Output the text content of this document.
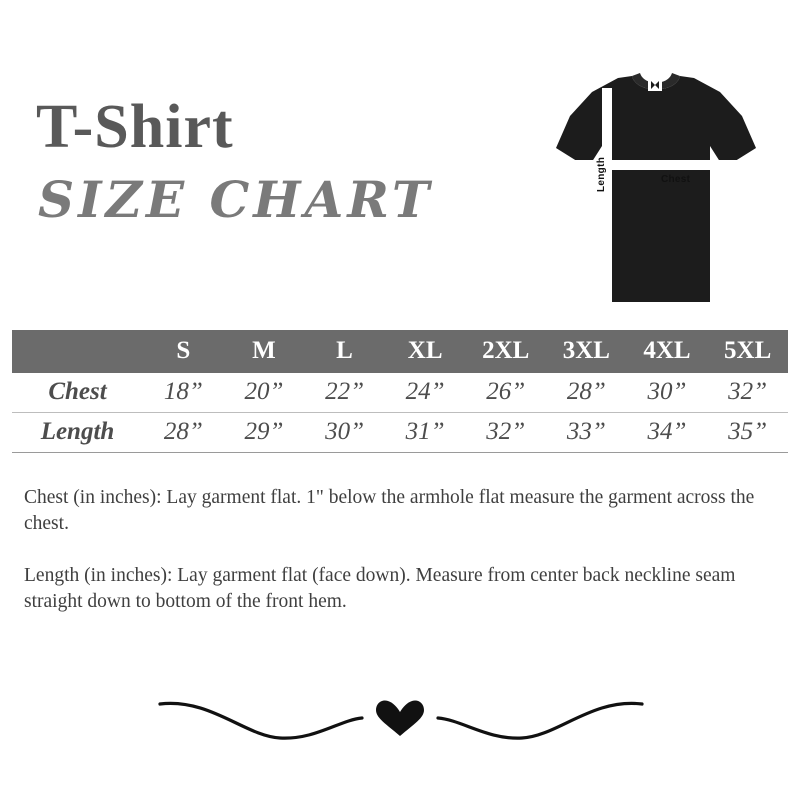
T-Shirt
SIZE CHART	Chest
Length
	S	M	L	XL	2XL	3XL	4XL	5XL
Chest	18”	20”	22”	24”	26”	28”	30”	32”
Length	28”	29”	30”	31”	32”	33”	34”	35”

Chest (in inches): Lay garment flat. 1" below the armhole flat measure the garment across the chest.

Length (in inches): Lay garment flat (face down). Measure from center back neckline seam straight down to bottom of the front hem.
